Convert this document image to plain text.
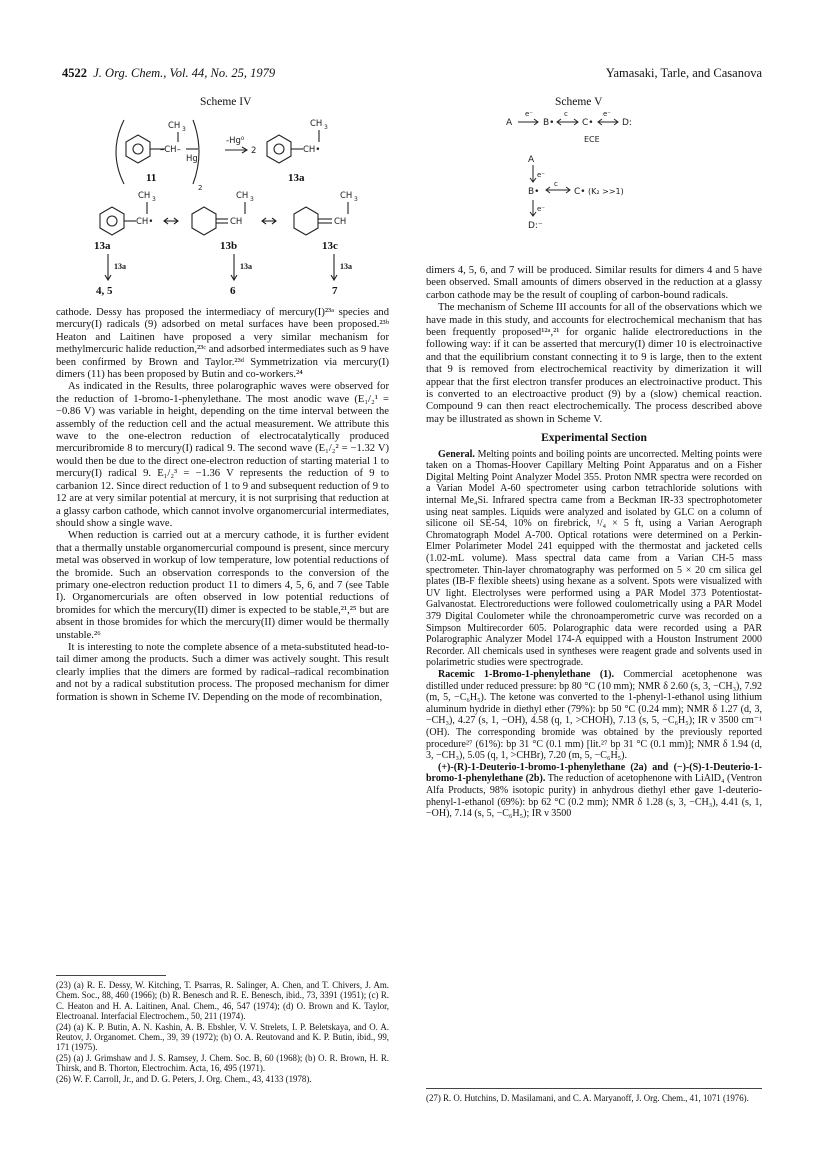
4522 J. Org. Chem., Vol. 44, No. 25, 1979	Yamasaki, Tarle, and Casanova
Scheme IV
CH 3
–CH–
Hg
2
-Hg⁰
2
CH 3
CH•
CH 3
CH•
CH 3
CH
CH 3
CH
11	13a
13a	13b	13c
13a	13a	13a
4, 5	6	7
Scheme V
A	B•	C•	D:
e⁻	c	e⁻
ECE
A
e⁻
B•
c
C• (K₂ >>1)
e⁻
D:⁻

cathode. Dessy has proposed the intermediacy of mercury(I)²³ᵃ species and mercury(I) radicals (9) adsorbed on metal surfaces have been proposed.²³ᵇ Heaton and Laitinen have proposed a very similar mechanism for methylmercuric halide reduction,²³ᶜ and adsorbed intermediates such as 9 have been confirmed by Brown and Taylor.²³ᵈ Symmetrization via mercury(I) dimers (11) has been proposed by Butin and co-workers.²⁴

As indicated in the Results, three polarographic waves were observed for the reduction of 1-bromo-1-phenylethane. The most anodic wave (E₁/₂¹ = −0.86 V) was variable in height, depending on the time interval between the assembly of the reduction cell and the actual measurement. We attribute this wave to the one-electron reduction of electrocatalytically produced mercuribromide 8 to mercury(I) radical 9. The second wave (E₁/₂² = −1.32 V) would then be due to the direct one-electron reduction of starting material 1 to mercury(I) radical 9. E₁/₂³ = −1.36 V represents the reduction of 9 to carbanion 12. Since direct reduction of 1 to 9 and subsequent reduction of 9 to 12 are at very similar potential at mercury, it is not surprising that reduction at a glassy carbon cathode, which cannot involve organomercurial intermediates, should show a single wave.

When reduction is carried out at a mercury cathode, it is further evident that a thermally unstable organomercurial compound is present, since mercury metal was observed in workup of low temperature, low potential reductions of the bromide. Such an observation corresponds to the conversion of the primary one-electron reduction product 11 to dimers 4, 5, 6, and 7 (see Table I). Organomercurials are often observed in low potential reductions of bromides for which the mercury(II) dimer is expected to be stable,²¹,²⁵ but are absent in those bromides for which the mercury(II) dimer would be thermally unstable.²⁶

It is interesting to note the complete absence of a meta-substituted head-to-tail dimer among the products. Such a dimer was actively sought. This result clearly implies that the dimers are formed by radical–radical recombination and not by a radical substitution process. The proposed mechanism for dimer formation is shown in Scheme IV. Depending on the mode of recombination,

dimers 4, 5, 6, and 7 will be produced. Similar results for dimers 4 and 5 have been observed. Small amounts of dimers observed in the reduction at a glassy carbon cathode may be the result of coupling of carbon-bound radicals.

The mechanism of Scheme III accounts for all of the observations which we have made in this study, and accounts for electrochemical mechanism that has been frequently proposed¹²ᵃ,²¹ for organic halide electroreductions in the following way: if it can be asserted that mercury(I) dimer 10 is electroinactive and that the equilibrium constant connecting it to 9 is large, then to the extent that 9 is removed from electrochemical reactivity by dimerization it will appear that the first electron transfer produces an electroinactive product. This is converted to an electroactive product (9) by a (slow) chemical reaction. Compound 9 can then react electrochemically. The process described above may be illustrated as shown in Scheme V.

Experimental Section

General. Melting points and boiling points are uncorrected. Melting points were taken on a Thomas-Hoover Capillary Melting Point Apparatus and on a Fisher Digital Melting Point Analyzer Model 355. Proton NMR spectra were recorded on a Varian Model A-60 spectrometer using carbon tetrachloride solutions with internal Me₄Si. Infrared spectra came from a Beckman IR-33 spectrophotometer using neat samples. Liquids were analyzed and isolated by GLC on a column of silicone oil SE-54, 10% on firebrick, ¹/₄ × 5 ft, using a Varian Aerograph Chromatograph Model A-700. Optical rotations were determined on a Perkin-Elmer Polarimeter Model 241 equipped with the thermostat and jacketed cells (1.02-mL volume). Mass spectral data came from a Varian CH-5 mass spectrometer. Thin-layer chromatography was performed on 5 × 20 cm silica gel plates (IB-F flexible sheets) using hexane as a solvent. Spots were visualized with UV light. Electrolyses were performed using a PAR Model 373 Potentiostat-Galvanostat. Electroreductions were followed coulometrically using a PAR Model 379 Digital Coulometer while the chronoamperometric curve was recorded on a Simpson Multirecorder 605. Polarographic data were recorded using a PAR Polarographic Analyzer Model 174-A equipped with a Houston Instrument 2000 Recorder. All chemicals used in syntheses were reagent grade and solvents used in polarimetric studies were spectrograde.

Racemic 1-Bromo-1-phenylethane (1). Commercial acetophenone was distilled under reduced pressure: bp 80 °C (10 mm); NMR δ 2.60 (s, 3, −CH₃), 7.92 (m, 5, −C₆H₅). The ketone was converted to the 1-phenyl-1-ethanol using lithium aluminum hydride in diethyl ether (79%): bp 50 °C (0.24 mm); NMR δ 1.27 (d, 3, −CH₃), 4.27 (s, 1, −OH), 4.58 (q, 1, >CHOH), 7.13 (s, 5, −C₆H₅); IR ν 3500 cm⁻¹ (OH). The corresponding bromide was obtained by the previously reported procedure²⁷ (61%): bp 31 °C (0.1 mm) [lit.²⁷ bp 31 °C (0.1 mm)]; NMR δ 1.94 (d, 3, −CH₃), 5.05 (q, 1, >CHBr), 7.20 (m, 5, −C₆H₅).

(+)-(R)-1-Deuterio-1-bromo-1-phenylethane (2a) and (−)-(S)-1-Deuterio-1-bromo-1-phenylethane (2b). The reduction of acetophenone with LiAlD₄ (Ventron Alfa Products, 98% isotopic purity) in anhydrous diethyl ether gave 1-deuterio-phenyl-1-ethanol (69%): bp 62 °C (0.2 mm); NMR δ 1.28 (s, 3, −CH₃), 4.41 (s, 1, −OH), 7.14 (s, 5, −C₆H₅); IR ν 3500

(23) (a) R. E. Dessy, W. Kitching, T. Psarras, R. Salinger, A. Chen, and T. Chivers, J. Am. Chem. Soc., 88, 460 (1966); (b) R. Benesch and R. E. Benesch, ibid., 73, 3391 (1951); (c) R. C. Heaton and H. A. Laitinen, Anal. Chem., 46, 547 (1974); (d) O. Brown and K. Taylor, Electroanal. Interfacial Electrochem., 50, 211 (1974).
(24) (a) K. P. Butin, A. N. Kashin, A. B. Ebshler, V. V. Strelets, I. P. Beletskaya, and O. A. Reutov, J. Organomet. Chem., 39, 39 (1972); (b) O. A. Reutovand and K. P. Butin, ibid., 99, 171 (1975).
(25) (a) J. Grimshaw and J. S. Ramsey, J. Chem. Soc. B, 60 (1968); (b) O. R. Brown, H. R. Thirsk, and B. Thorton, Electrochim. Acta, 16, 495 (1971).
(26) W. F. Carroll, Jr., and D. G. Peters, J. Org. Chem., 43, 4133 (1978).
(27) R. O. Hutchins, D. Masilamani, and C. A. Maryanoff, J. Org. Chem., 41, 1071 (1976).
